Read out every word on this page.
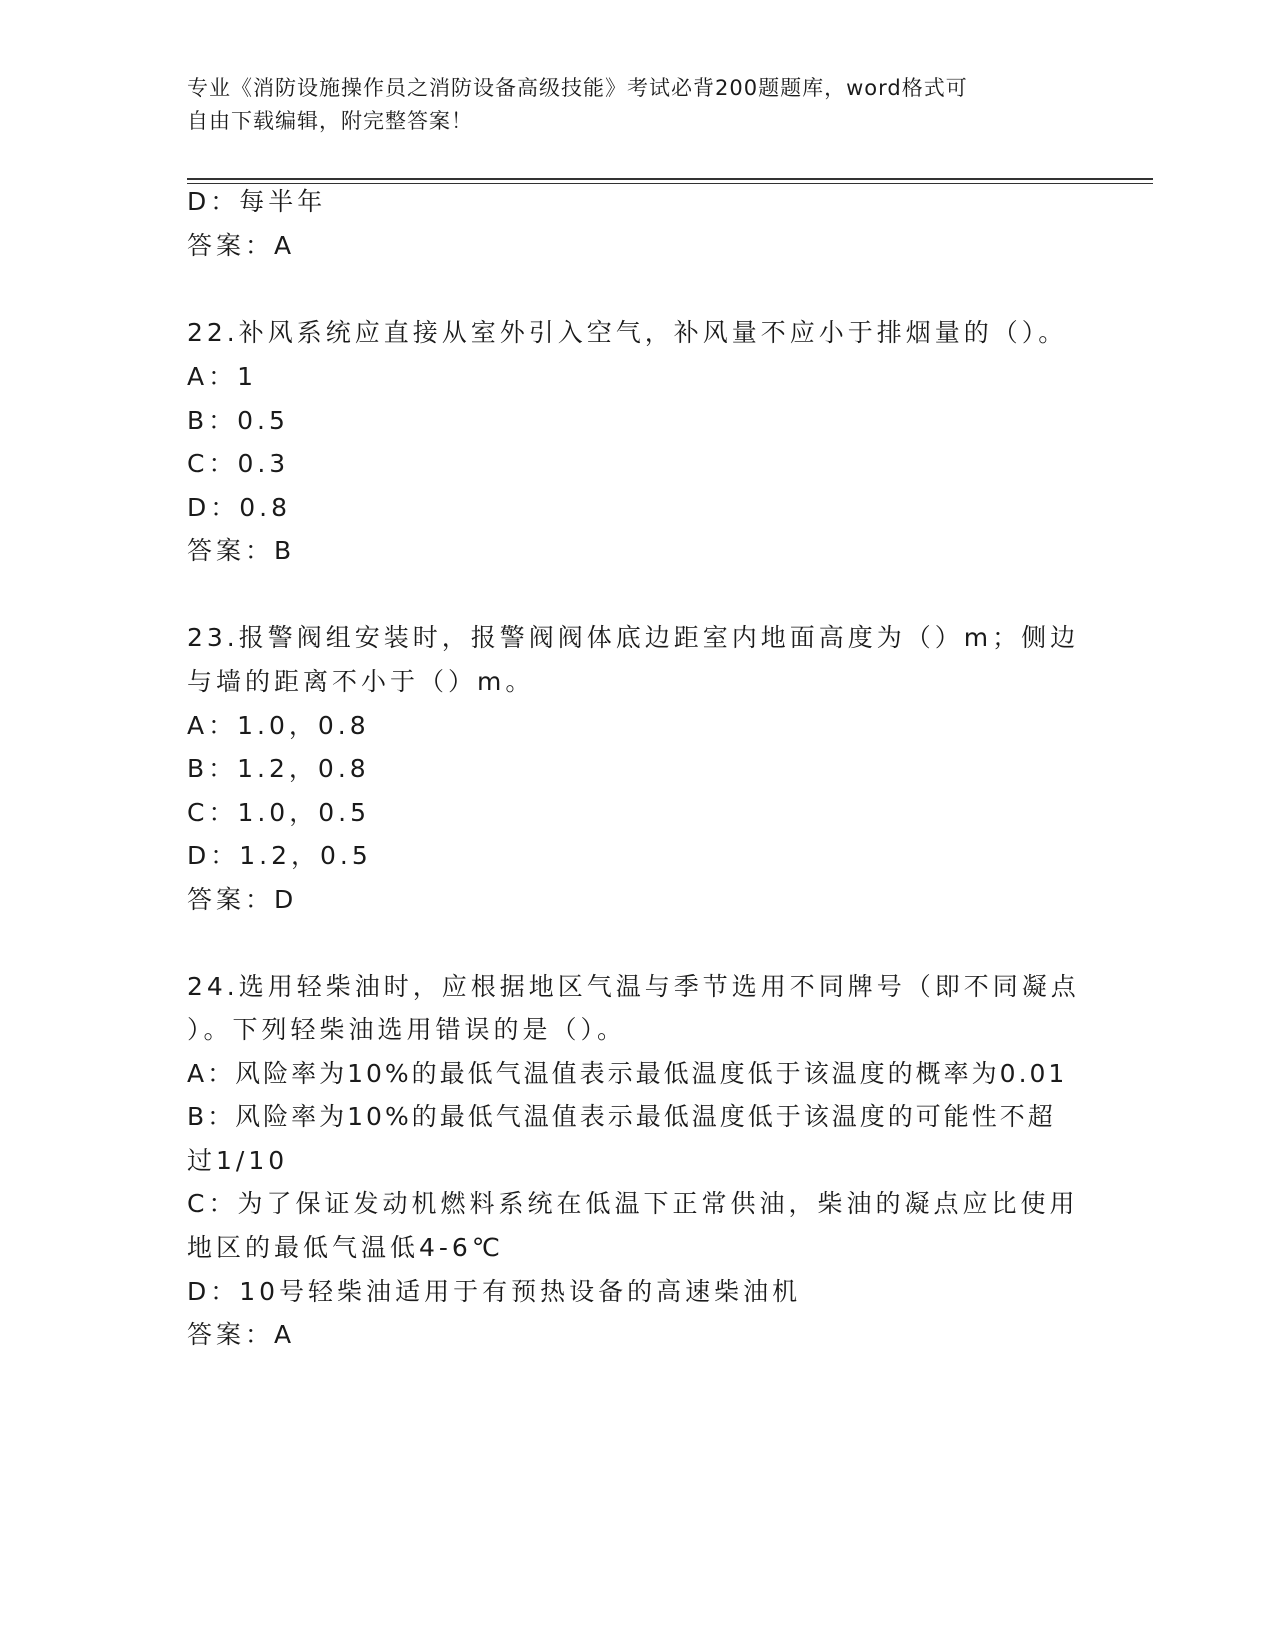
专业《消防设施操作员之消防设备高级技能》考试必背200题题库，word格式可
自由下载编辑，附完整答案！
D：每半年
答案：A
22.补风系统应直接从室外引入空气，补风量不应小于排烟量的（）。
A：1
B：0.5
C：0.3
D：0.8
答案：B
23.报警阀组安装时，报警阀阀体底边距室内地面高度为（）m；侧边
与墙的距离不小于（）m。
A：1.0，0.8
B：1.2，0.8
C：1.0，0.5
D：1.2，0.5
答案：D
24.选用轻柴油时，应根据地区气温与季节选用不同牌号（即不同凝点
）。下列轻柴油选用错误的是（）。
A：风险率为10%的最低气温值表示最低温度低于该温度的概率为0.01
B：风险率为10%的最低气温值表示最低温度低于该温度的可能性不超
过1/10
C：为了保证发动机燃料系统在低温下正常供油，柴油的凝点应比使用
地区的最低气温低4-6℃
D：10号轻柴油适用于有预热设备的高速柴油机
答案：A
